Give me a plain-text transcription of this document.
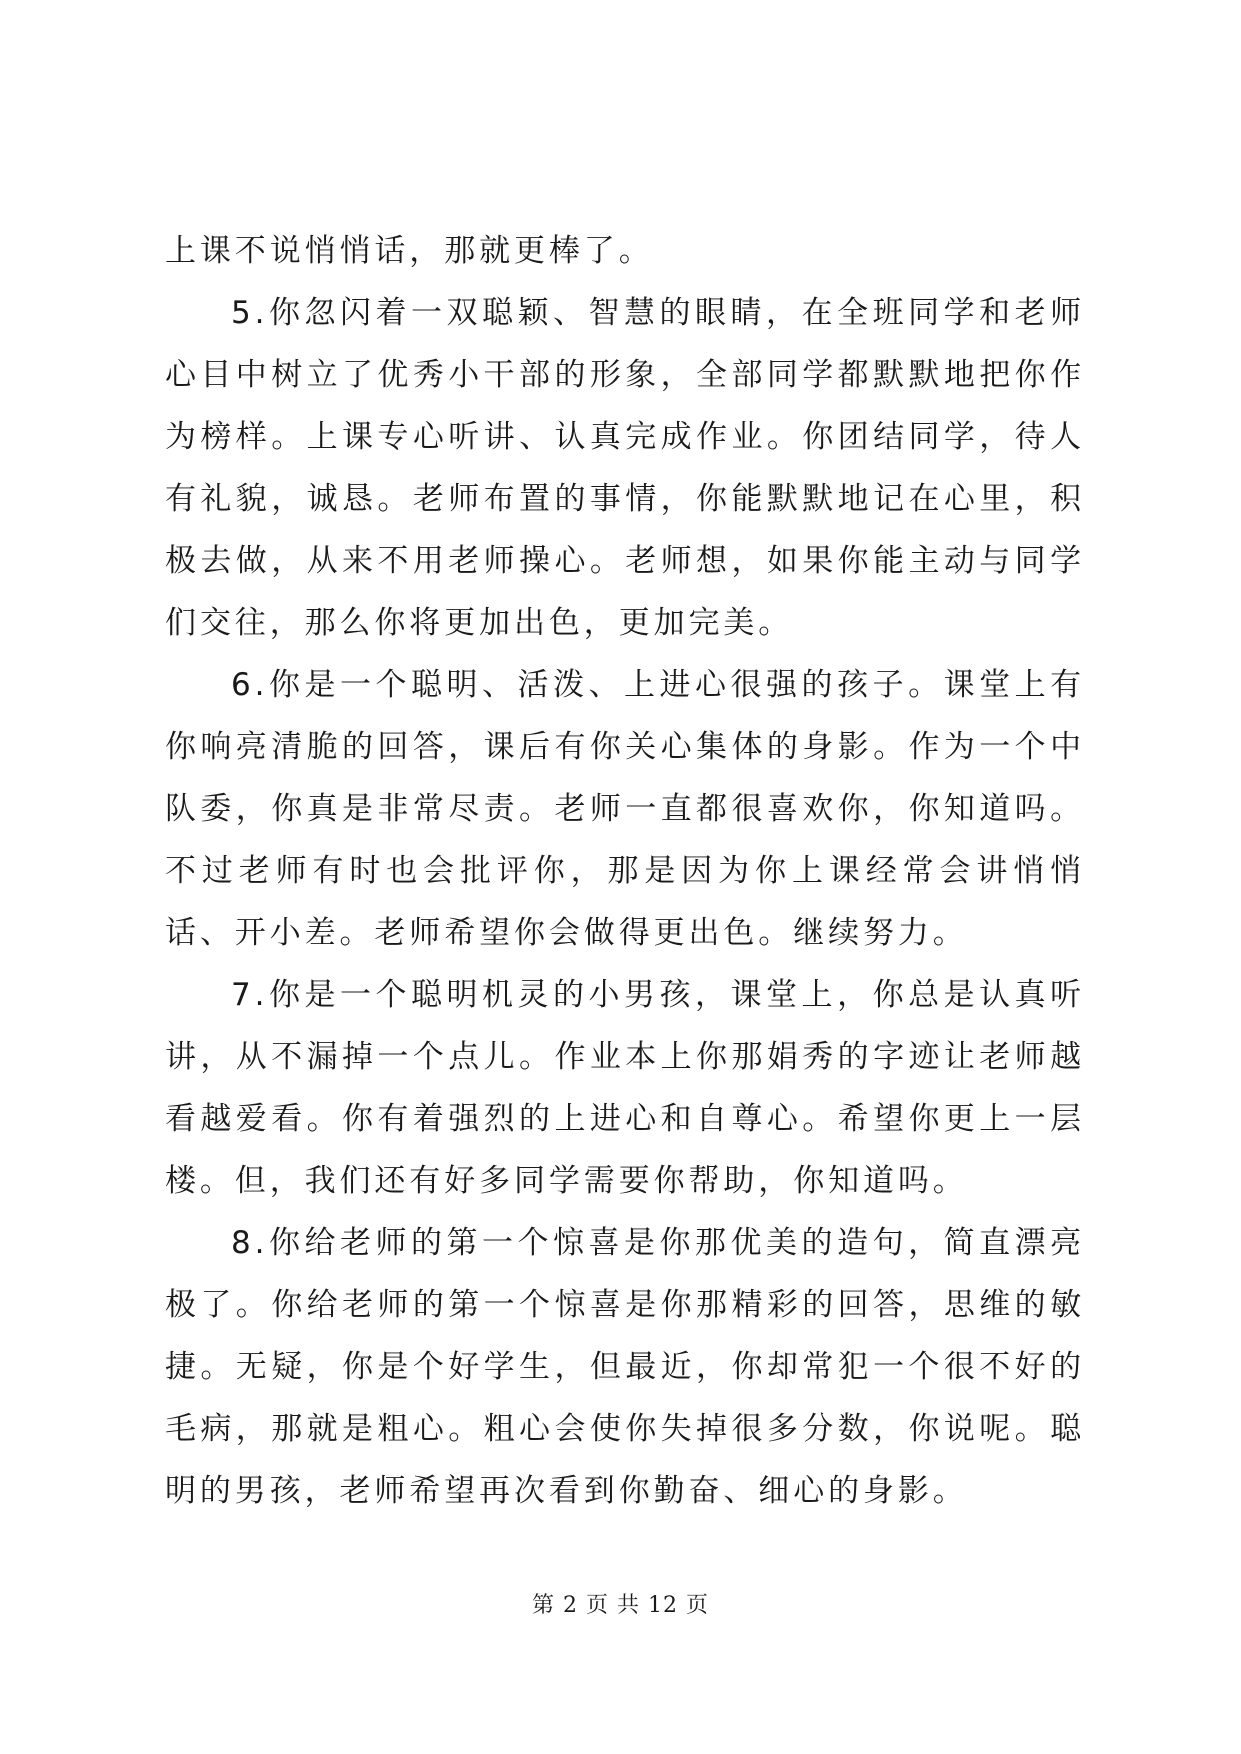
上课不说悄悄话，那就更棒了。

5.你忽闪着一双聪颖、智慧的眼睛，在全班同学和老师心目中树立了优秀小干部的形象，全部同学都默默地把你作为榜样。上课专心听讲、认真完成作业。你团结同学，待人有礼貌，诚恳。老师布置的事情，你能默默地记在心里，积极去做，从来不用老师操心。老师想，如果你能主动与同学们交往，那么你将更加出色，更加完美。

6.你是一个聪明、活泼、上进心很强的孩子。课堂上有你响亮清脆的回答，课后有你关心集体的身影。作为一个中队委，你真是非常尽责。老师一直都很喜欢你，你知道吗。不过老师有时也会批评你，那是因为你上课经常会讲悄悄话、开小差。老师希望你会做得更出色。继续努力。

7.你是一个聪明机灵的小男孩，课堂上，你总是认真听讲，从不漏掉一个点儿。作业本上你那娟秀的字迹让老师越看越爱看。你有着强烈的上进心和自尊心。希望你更上一层楼。但，我们还有好多同学需要你帮助，你知道吗。

8.你给老师的第一个惊喜是你那优美的造句，简直漂亮极了。你给老师的第一个惊喜是你那精彩的回答，思维的敏捷。无疑，你是个好学生，但最近，你却常犯一个很不好的毛病，那就是粗心。粗心会使你失掉很多分数，你说呢。聪明的男孩，老师希望再次看到你勤奋、细心的身影。

第 2 页 共 12 页
